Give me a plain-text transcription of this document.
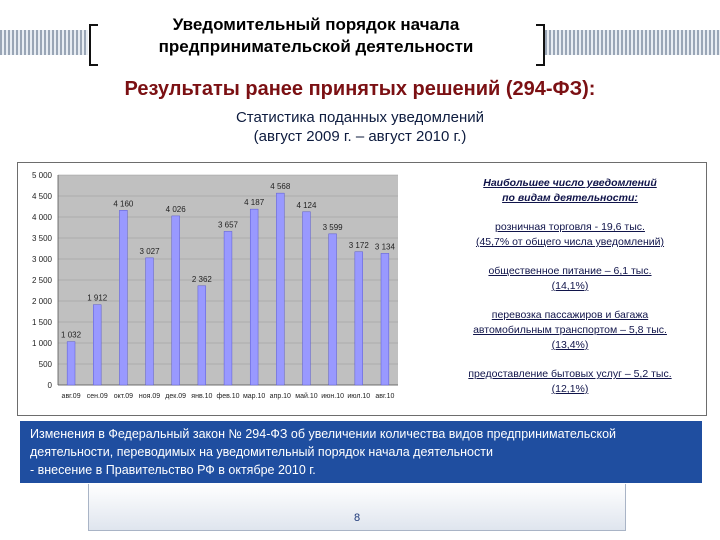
Уведомительный порядок начала
предпринимательской деятельности
Результаты ранее принятых решений (294-ФЗ):
Статистика поданных уведомлений
(август 2009 г. – август 2010 г.)
0
500
1 000
1 500
2 000
2 500
3 000
3 500
4 000
4 500
5 000
1 032
авг.09
1 912
сен.09
4 160
окт.09
3 027
ноя.09
4 026
дек.09
2 362
янв.10
3 657
фев.10
4 187
мар.10
4 568
апр.10
4 124
май.10
3 599
июн.10
3 172
июл.10
3 134
авг.10
Наибольшее число уведомлений
по видам деятельности:
розничная торговля - 19,6 тыс.
(45,7% от общего числа уведомлений)
общественное питание – 6,1 тыс.
(14,1%)
перевозка пассажиров и багажа
автомобильным транспортом – 5,8 тыс.
(13,4%)
предоставление бытовых услуг – 5,2 тыс.
(12,1%)
Изменения в Федеральный закон № 294-ФЗ об увеличении количества видов предпринимательской
деятельности, переводимых на уведомительный порядок начала деятельности
- внесение в Правительство РФ в октябре 2010 г.
8
